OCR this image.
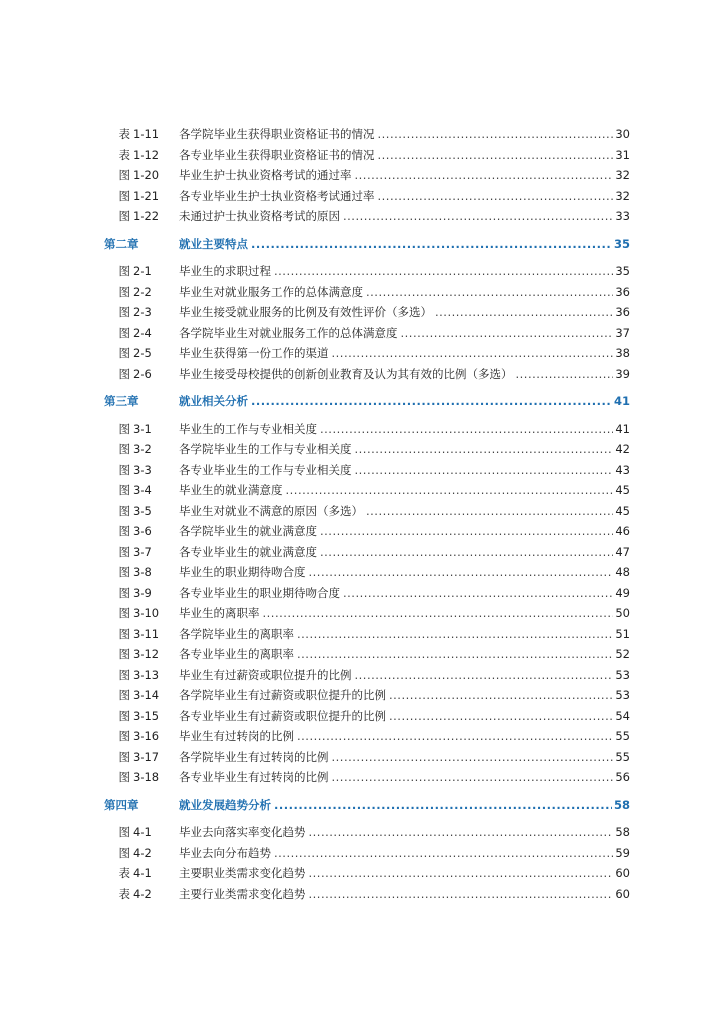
表 1-11	各学院毕业生获得职业资格证书的情况 .....	30
表 1-12	各专业毕业生获得职业资格证书的情况 .....	31
图 1-20	毕业生护士执业资格考试的通过率 .....	32
图 1-21	各专业毕业生护士执业资格考试通过率 .....	32
图 1-22	未通过护士执业资格考试的原因 .....	33
第二章	就业主要特点 .....	35
图 2-1	毕业生的求职过程 .....	35
图 2-2	毕业生对就业服务工作的总体满意度 .....	36
图 2-3	毕业生接受就业服务的比例及有效性评价（多选） .....	36
图 2-4	各学院毕业生对就业服务工作的总体满意度 .....	37
图 2-5	毕业生获得第一份工作的渠道 .....	38
图 2-6	毕业生接受母校提供的创新创业教育及认为其有效的比例（多选） .....	39
第三章	就业相关分析 .....	41
图 3-1	毕业生的工作与专业相关度 .....	41
图 3-2	各学院毕业生的工作与专业相关度 .....	42
图 3-3	各专业毕业生的工作与专业相关度 .....	43
图 3-4	毕业生的就业满意度 .....	45
图 3-5	毕业生对就业不满意的原因（多选） .....	45
图 3-6	各学院毕业生的就业满意度 .....	46
图 3-7	各专业毕业生的就业满意度 .....	47
图 3-8	毕业生的职业期待吻合度 .....	48
图 3-9	各专业毕业生的职业期待吻合度 .....	49
图 3-10	毕业生的离职率 .....	50
图 3-11	各学院毕业生的离职率 .....	51
图 3-12	各专业毕业生的离职率 .....	52
图 3-13	毕业生有过薪资或职位提升的比例 .....	53
图 3-14	各学院毕业生有过薪资或职位提升的比例 .....	53
图 3-15	各专业毕业生有过薪资或职位提升的比例 .....	54
图 3-16	毕业生有过转岗的比例 .....	55
图 3-17	各学院毕业生有过转岗的比例 .....	55
图 3-18	各专业毕业生有过转岗的比例 .....	56
第四章	就业发展趋势分析 .....	58
图 4-1	毕业去向落实率变化趋势 .....	58
图 4-2	毕业去向分布趋势 .....	59
表 4-1	主要职业类需求变化趋势 .....	60
表 4-2	主要行业类需求变化趋势 .....	60
